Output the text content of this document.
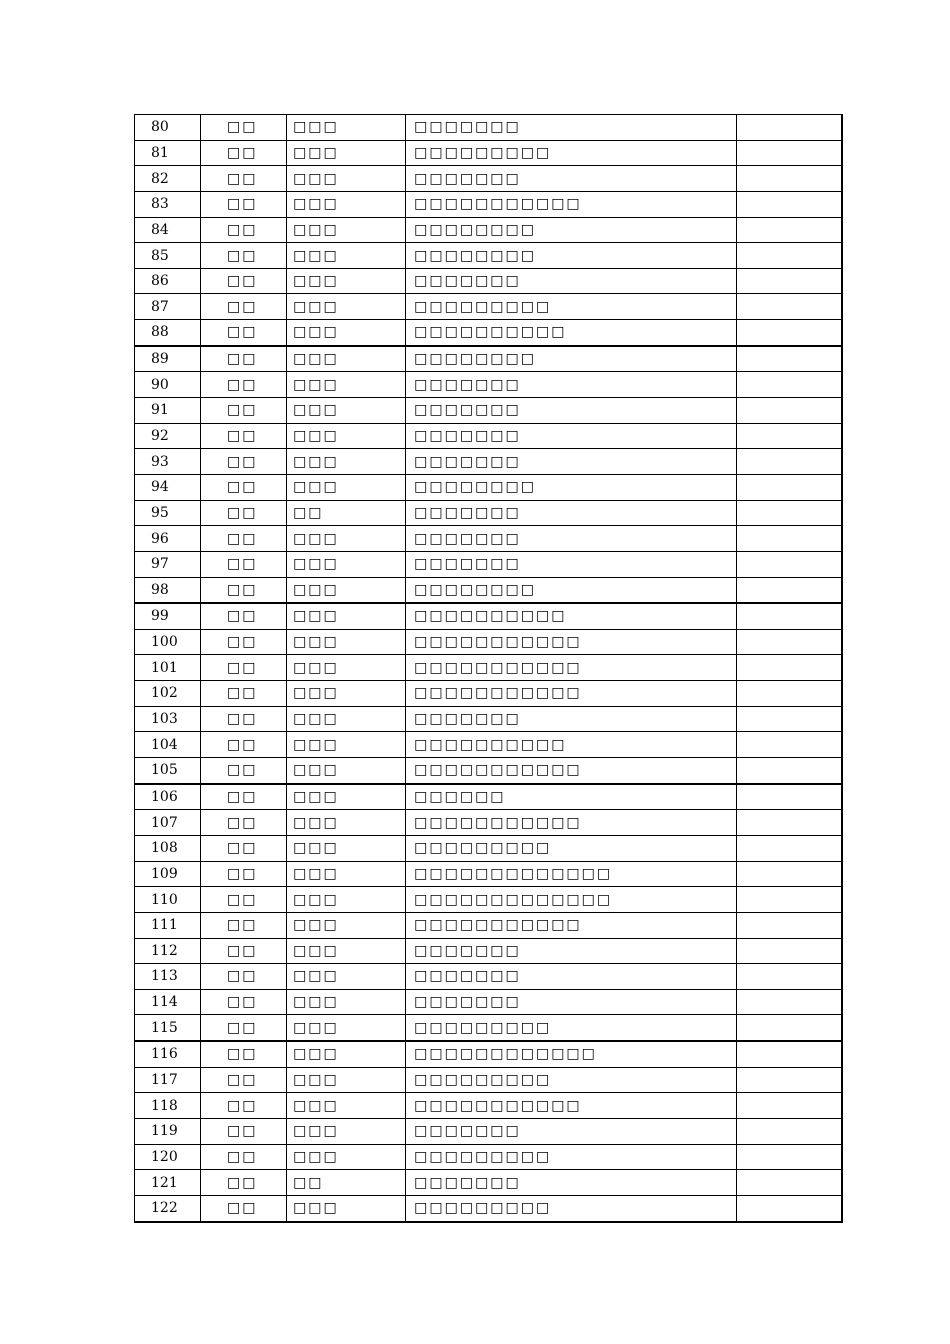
80	□□	□□□	□□□□□□□	
81	□□	□□□	□□□□□□□□□	
82	□□	□□□	□□□□□□□	
83	□□	□□□	□□□□□□□□□□□	
84	□□	□□□	□□□□□□□□	
85	□□	□□□	□□□□□□□□	
86	□□	□□□	□□□□□□□	
87	□□	□□□	□□□□□□□□□	
88	□□	□□□	□□□□□□□□□□	
89	□□	□□□	□□□□□□□□	
90	□□	□□□	□□□□□□□	
91	□□	□□□	□□□□□□□	
92	□□	□□□	□□□□□□□	
93	□□	□□□	□□□□□□□	
94	□□	□□□	□□□□□□□□	
95	□□	□□	□□□□□□□	
96	□□	□□□	□□□□□□□	
97	□□	□□□	□□□□□□□	
98	□□	□□□	□□□□□□□□	
99	□□	□□□	□□□□□□□□□□	
100	□□	□□□	□□□□□□□□□□□	
101	□□	□□□	□□□□□□□□□□□	
102	□□	□□□	□□□□□□□□□□□	
103	□□	□□□	□□□□□□□	
104	□□	□□□	□□□□□□□□□□	
105	□□	□□□	□□□□□□□□□□□	
106	□□	□□□	□□□□□□	
107	□□	□□□	□□□□□□□□□□□	
108	□□	□□□	□□□□□□□□□	
109	□□	□□□	□□□□□□□□□□□□□	
110	□□	□□□	□□□□□□□□□□□□□	
111	□□	□□□	□□□□□□□□□□□	
112	□□	□□□	□□□□□□□	
113	□□	□□□	□□□□□□□	
114	□□	□□□	□□□□□□□	
115	□□	□□□	□□□□□□□□□	
116	□□	□□□	□□□□□□□□□□□□	
117	□□	□□□	□□□□□□□□□	
118	□□	□□□	□□□□□□□□□□□	
119	□□	□□□	□□□□□□□	
120	□□	□□□	□□□□□□□□□	
121	□□	□□	□□□□□□□	
122	□□	□□□	□□□□□□□□□	
